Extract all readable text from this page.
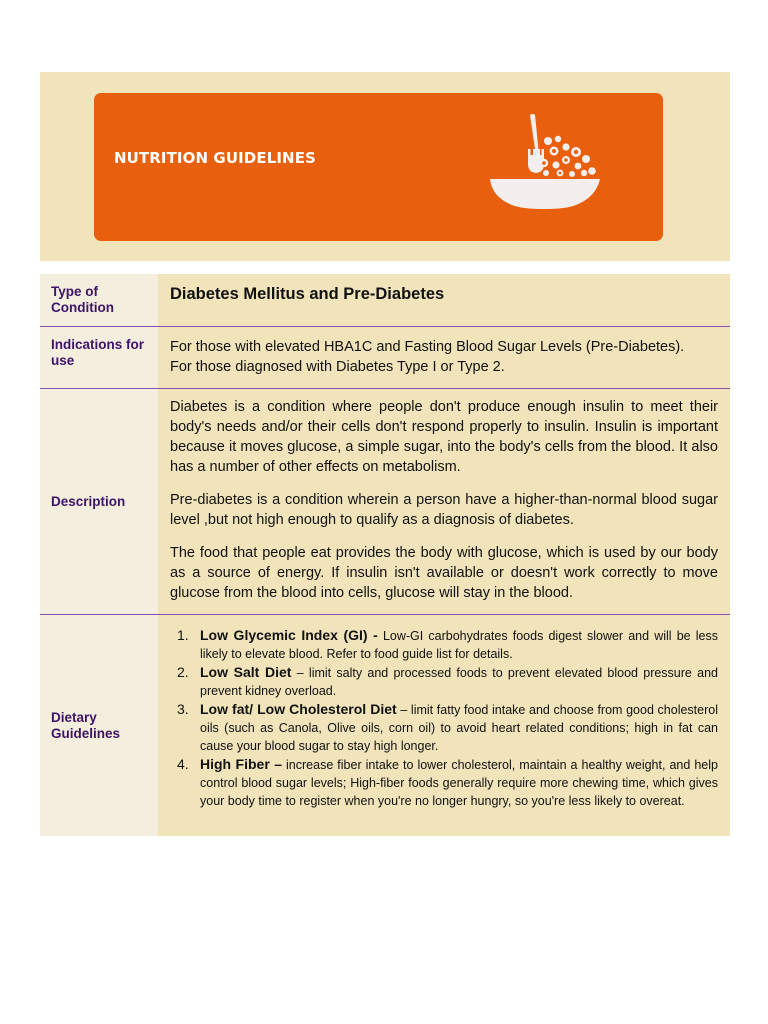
NUTRITION GUIDELINES
Type of Condition
Diabetes Mellitus and Pre-Diabetes
Indications for use
For those with elevated HBA1C and Fasting Blood Sugar Levels (Pre-Diabetes).
For those diagnosed with Diabetes Type I or Type 2.
Description

Diabetes is a condition where people don't produce enough insulin to meet their body's needs and/or their cells don't respond properly to insulin. Insulin is important because it moves glucose, a simple sugar, into the body's cells from the blood. It also has a number of other effects on metabolism.

Pre-diabetes is a condition wherein a person have a higher-than-normal blood sugar level ,but not high enough to qualify as a diagnosis of diabetes.

The food that people eat provides the body with glucose, which is used by our body as a source of energy. If insulin isn't available or doesn't work correctly to move glucose from the blood into cells, glucose will stay in the blood.

Dietary Guidelines
1. Low Glycemic Index (GI) - Low-GI carbohydrates foods digest slower and will be less likely to elevate blood. Refer to food guide list for details.
2. Low Salt Diet – limit salty and processed foods to prevent elevated blood pressure and prevent kidney overload.
3. Low fat/ Low Cholesterol Diet – limit fatty food intake and choose from good cholesterol oils (such as Canola, Olive oils, corn oil) to avoid heart related conditions; high in fat can cause your blood sugar to stay high longer.
4. High Fiber – increase fiber intake to lower cholesterol, maintain a healthy weight, and help control blood sugar levels; High-fiber foods generally require more chewing time, which gives your body time to register when you're no longer hungry, so you're less likely to overeat.
